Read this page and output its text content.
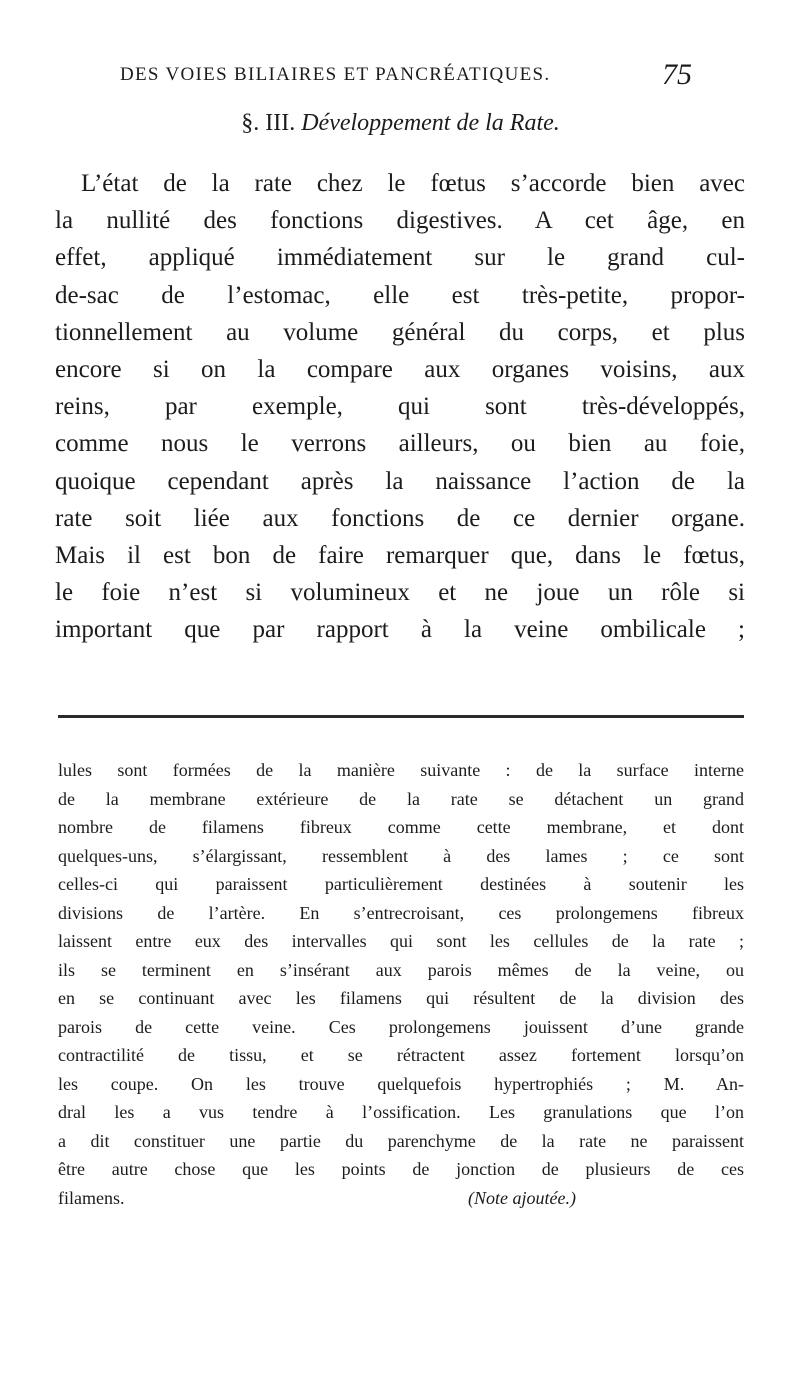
DES VOIES BILIAIRES ET PANCRÉATIQUES.	75
§. III. Développement de la Rate.

L’état de la rate chez le fœtus s’accorde bien avec
la nullité des fonctions digestives. A cet âge, en
effet, appliqué immédiatement sur le grand cul-
de-sac de l’estomac, elle est très-petite, propor-
tionnellement au volume général du corps, et plus
encore si on la compare aux organes voisins, aux
reins, par exemple, qui sont très-développés,
comme nous le verrons ailleurs, ou bien au foie,
quoique cependant après la naissance l’action de la
rate soit liée aux fonctions de ce dernier organe.
Mais il est bon de faire remarquer que, dans le fœtus,
le foie n’est si volumineux et ne joue un rôle si
important que par rapport à la veine ombilicale ;

lules sont formées de la manière suivante : de la surface interne
de la membrane extérieure de la rate se détachent un grand
nombre de filamens fibreux comme cette membrane, et dont
quelques-uns, s’élargissant, ressemblent à des lames ; ce sont
celles-ci qui paraissent particulièrement destinées à soutenir les
divisions de l’artère. En s’entrecroisant, ces prolongemens fibreux
laissent entre eux des intervalles qui sont les cellules de la rate ;
ils se terminent en s’insérant aux parois mêmes de la veine, ou
en se continuant avec les filamens qui résultent de la division des
parois de cette veine. Ces prolongemens jouissent d’une grande
contractilité de tissu, et se rétractent assez fortement lorsqu’on
les coupe. On les trouve quelquefois hypertrophiés ; M. An-
dral les a vus tendre à l’ossification. Les granulations que l’on
a dit constituer une partie du parenchyme de la rate ne paraissent
être autre chose que les points de jonction de plusieurs de ces
filamens.	(Note ajoutée.)
